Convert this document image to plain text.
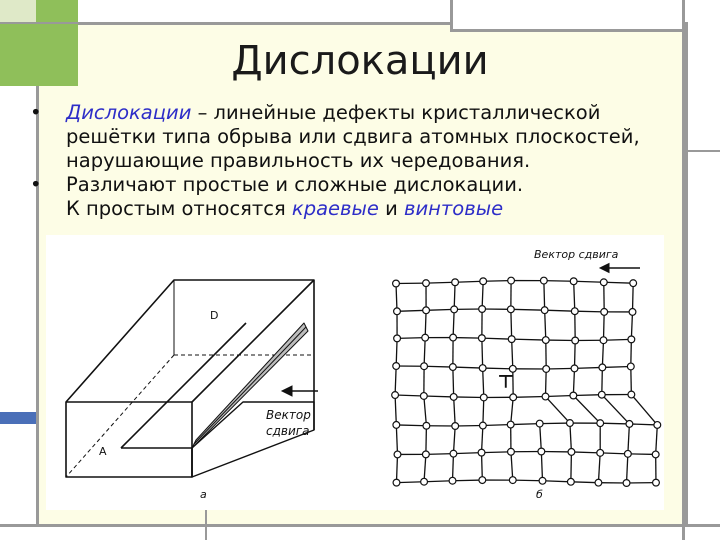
Дислокации

• Дислокации – линейные дефекты кристаллической
решётки типа обрыва или сдвига атомных плоскостей,
нарушающие правильность их чередования.

• Различают простые и сложные дислокации.
К простым относятся краевые и винтовые

D
A
Вектор
сдвига
а
Вектор сдвига
⊥
б
